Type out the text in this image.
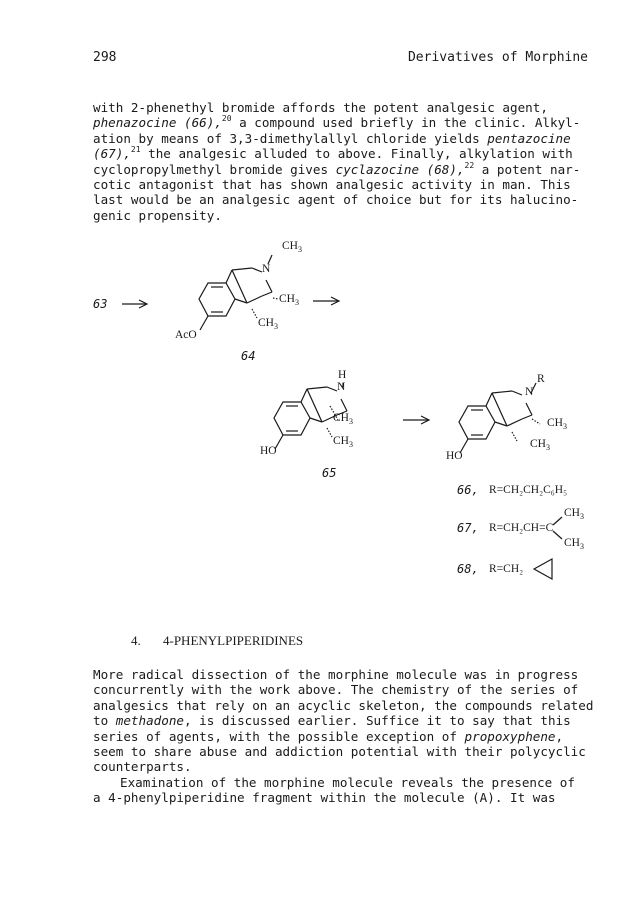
298	Derivatives of Morphine

with 2-phenethyl bromide affords the potent analgesic agent,

phenazocine (66),$^{20}$ a compound used briefly in the clinic. Alkyl-

ation by means of 3,3-dimethylallyl chloride yields pentazocine

(67),$^{21}$ the analgesic alluded to above. Finally, alkylation with

cyclopropylmethyl bromide gives cyclazocine (68),$^{22}$ a potent nar-

cotic antagonist that has shown analgesic activity in man. This

last would be an analgesic agent of choice but for its halucino-

genic propensity.

63
64
65
$CH_3$
N
$CH_3$
$CH_3$
AcO
H
N
$CH_3$
$CH_3$
HO
R
N
$CH_3$
$CH_3$
HO
66, R=CH₂CH₂C₆H₅
$CH_3$
67, R=CH₂CH=C
$CH_3$
68, R=CH₂
4. 4-PHENYLPIPERIDINES

More radical dissection of the morphine molecule was in progress

concurrently with the work above. The chemistry of the series of

analgesics that rely on an acyclic skeleton, the compounds related

to methadone, is discussed earlier. Suffice it to say that this

series of agents, with the possible exception of propoxyphene,

seem to share abuse and addiction potential with their polycyclic

counterparts.

Examination of the morphine molecule reveals the presence of

a 4-phenylpiperidine fragment within the molecule (A). It was
